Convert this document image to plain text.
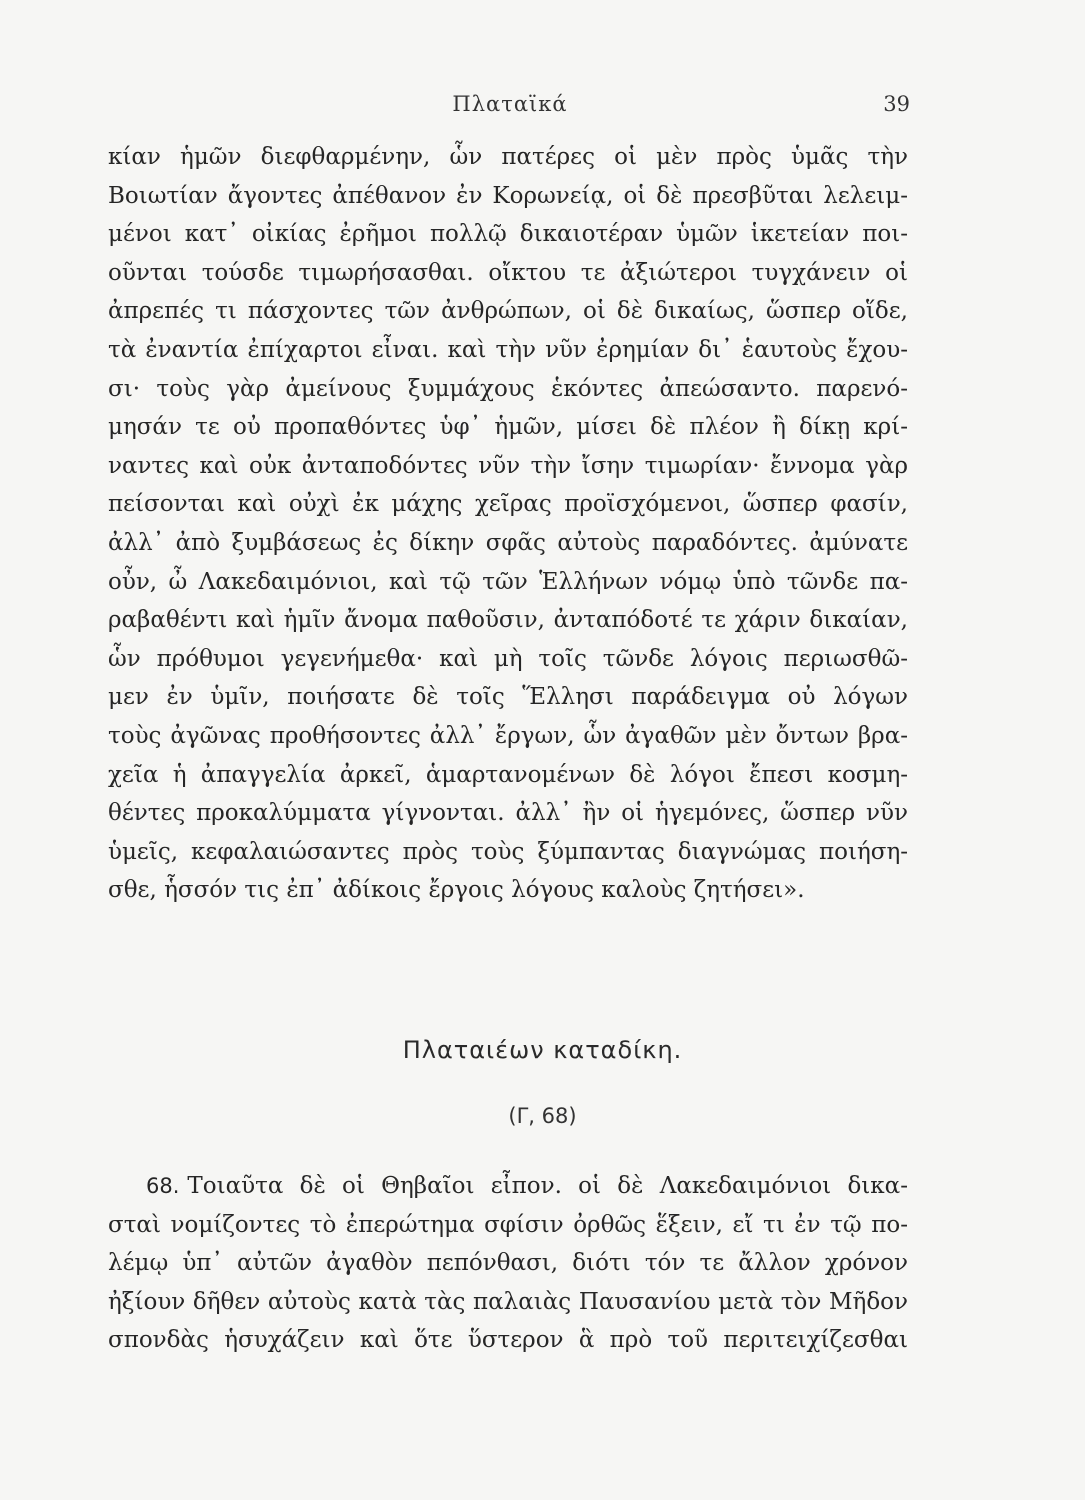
Πλαταϊκά	39
κίαν ἡμῶν διεφθαρμένην, ὧν πατέρες οἱ μὲν πρὸς ὑμᾶς τὴν
Βοιωτίαν ἄγοντες ἀπέθανον ἐν Κορωνείᾳ, οἱ δὲ πρεσβῦται λελειμ-
μένοι κατ᾽ οἰκίας ἐρῆμοι πολλῷ δικαιοτέραν ὑμῶν ἱκετείαν ποι-
οῦνται τούσδε τιμωρήσασθαι. οἴκτου τε ἀξιώτεροι τυγχάνειν οἱ
ἀπρεπές τι πάσχοντες τῶν ἀνθρώπων, οἱ δὲ δικαίως, ὥσπερ οἵδε,
τὰ ἐναντία ἐπίχαρτοι εἶναι. καὶ τὴν νῦν ἐρημίαν δι᾽ ἑαυτοὺς ἔχου-
σι· τοὺς γὰρ ἀμείνους ξυμμάχους ἑκόντες ἀπεώσαντο. παρενό-
μησάν τε οὐ προπαθόντες ὑφ᾽ ἡμῶν, μίσει δὲ πλέον ἢ δίκῃ κρί-
ναντες καὶ οὐκ ἀνταποδόντες νῦν τὴν ἴσην τιμωρίαν· ἔννομα γὰρ
πείσονται καὶ οὐχὶ ἐκ μάχης χεῖρας προϊσχόμενοι, ὥσπερ φασίν,
ἀλλ᾽ ἀπὸ ξυμβάσεως ἐς δίκην σφᾶς αὐτοὺς παραδόντες. ἀμύνατε
οὖν, ὦ Λακεδαιμόνιοι, καὶ τῷ τῶν Ἑλλήνων νόμῳ ὑπὸ τῶνδε πα-
ραβαθέντι καὶ ἡμῖν ἄνομα παθοῦσιν, ἀνταπόδοτέ τε χάριν δικαίαν,
ὧν πρόθυμοι γεγενήμεθα· καὶ μὴ τοῖς τῶνδε λόγοις περιωσθῶ-
μεν ἐν ὑμῖν, ποιήσατε δὲ τοῖς Ἕλλησι παράδειγμα οὐ λόγων
τοὺς ἀγῶνας προθήσοντες ἀλλ᾽ ἔργων, ὧν ἀγαθῶν μὲν ὄντων βρα-
χεῖα ἡ ἀπαγγελία ἀρκεῖ, ἁμαρτανομένων δὲ λόγοι ἔπεσι κοσμη-
θέντες προκαλύμματα γίγνονται. ἀλλ᾽ ἢν οἱ ἡγεμόνες, ὥσπερ νῦν
ὑμεῖς, κεφαλαιώσαντες πρὸς τοὺς ξύμπαντας διαγνώμας ποιήση-
σθε, ἧσσόν τις ἐπ᾽ ἀδίκοις ἔργοις λόγους καλοὺς ζητήσει».
Πλαταιέων καταδίκη.
(Γ, 68)
68. Τοιαῦτα δὲ οἱ Θηβαῖοι εἶπον. οἱ δὲ Λακεδαιμόνιοι δικα-
σταὶ νομίζοντες τὸ ἐπερώτημα σφίσιν ὀρθῶς ἕξειν, εἴ τι ἐν τῷ πο-
λέμῳ ὑπ᾽ αὐτῶν ἀγαθὸν πεπόνθασι, διότι τόν τε ἄλλον χρόνον
ἠξίουν δῆθεν αὐτοὺς κατὰ τὰς παλαιὰς Παυσανίου μετὰ τὸν Μῆδον
σπονδὰς ἡσυχάζειν καὶ ὅτε ὕστερον ἃ πρὸ τοῦ περιτειχίζεσθαι
